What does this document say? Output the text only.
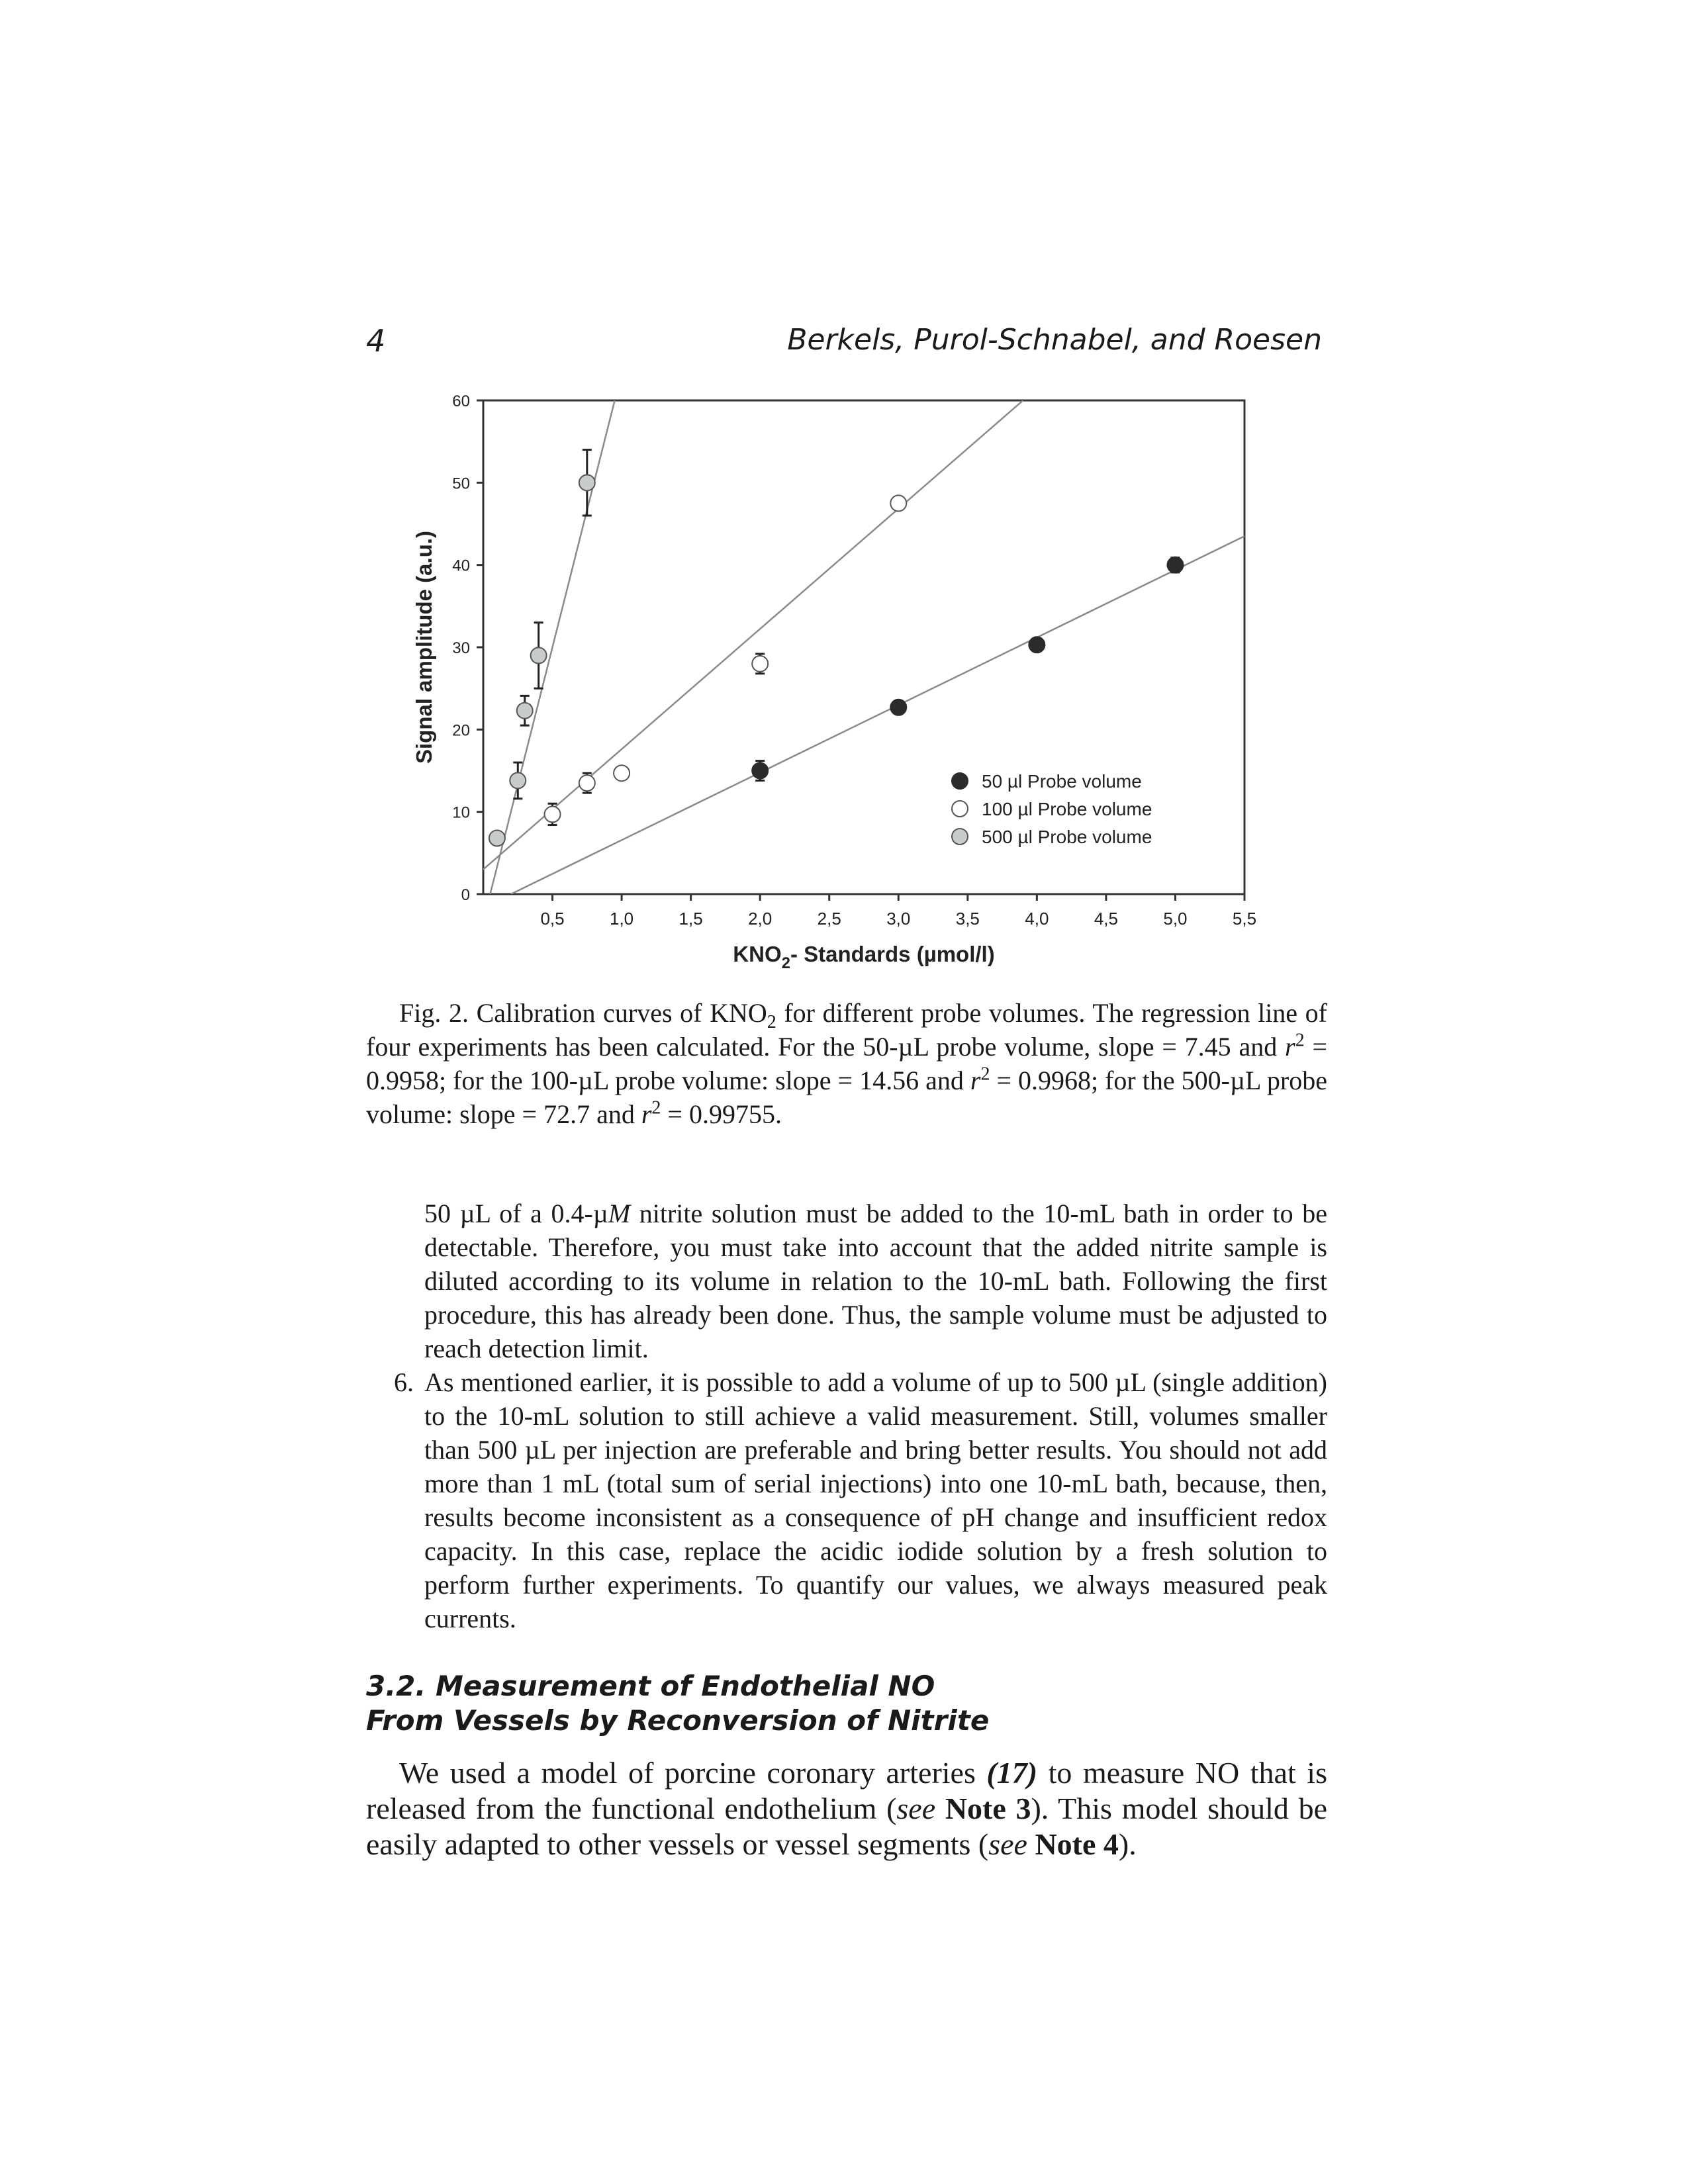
4	Berkels, Purol-Schnabel, and Roesen
0,5	1,0	1,5	2,0	2,5	3,0	3,5	4,0	4,5	5,0	5,5
0
10
20
30
40
50
60
50 µl Probe volume
100 µl Probe volume
500 µl Probe volume
Signal amplitude (a.u.)
$KNO_2-$ Standards (µmol/l)

Fig. 2. Calibration curves of $KNO_2$ for different probe volumes. The regression line of four experiments has been calculated. For the 50-µL probe volume, slope = 7.45 and $r^2 = 0.9958$; for the 100-µL probe volume: slope = 14.56 and $r^2 = 0.9968$; for the 500-µL probe volume: slope = 72.7 and $r^2 = 0.99755$.

50 µL of a 0.4-µM nitrite solution must be added to the 10-mL bath in order to be detectable. Therefore, you must take into account that the added nitrite sample is diluted according to its volume in relation to the 10-mL bath. Following the first procedure, this has already been done. Thus, the sample volume must be adjusted to reach detection limit.

6. As mentioned earlier, it is possible to add a volume of up to 500 µL (single addition) to the 10-mL solution to still achieve a valid measurement. Still, volumes smaller than 500 µL per injection are preferable and bring better results. You should not add more than 1 mL (total sum of serial injections) into one 10-mL bath, because, then, results become inconsistent as a consequence of pH change and insufficient redox capacity. In this case, replace the acidic iodide solution by a fresh solution to perform further experiments. To quantify our values, we always measured peak currents.
3.2. Measurement of Endothelial NO
From Vessels by Reconversion of Nitrite

We used a model of porcine coronary arteries (17) to measure NO that is released from the functional endothelium (see Note 3). This model should be easily adapted to other vessels or vessel segments (see Note 4).
